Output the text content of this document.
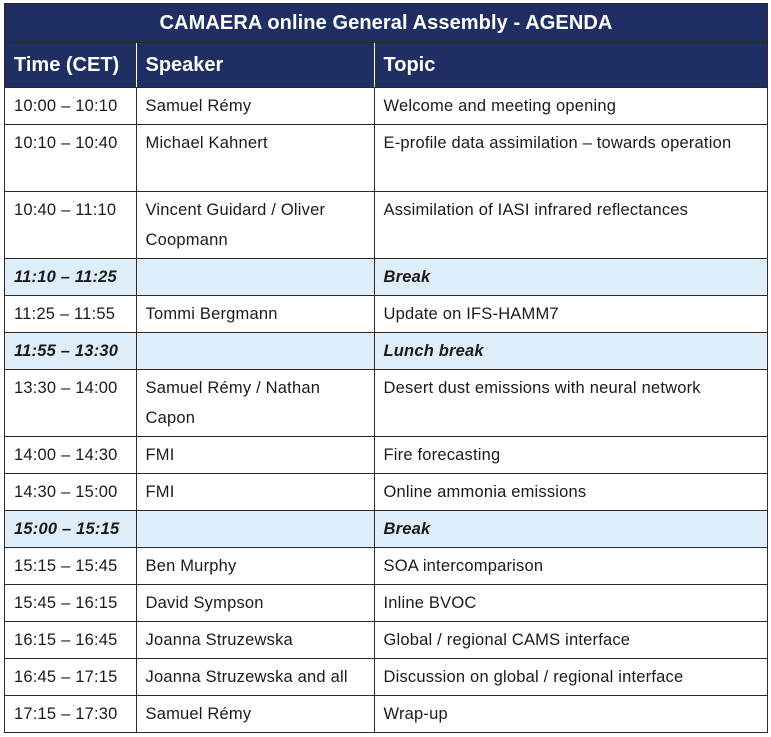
CAMAERA online General Assembly - AGENDA
Time (CET)	Speaker	Topic
10:00 – 10:10	Samuel Rémy	Welcome and meeting opening
10:10 – 10:40	Michael Kahnert	E-profile data assimilation – towards operation
10:40 – 11:10	Vincent Guidard / Oliver Coopmann	Assimilation of IASI infrared reflectances
11:10 – 11:25		Break
11:25 – 11:55	Tommi Bergmann	Update on IFS-HAMM7
11:55 – 13:30		Lunch break
13:30 – 14:00	Samuel Rémy / Nathan Capon	Desert dust emissions with neural network
14:00 – 14:30	FMI	Fire forecasting
14:30 – 15:00	FMI	Online ammonia emissions
15:00 – 15:15		Break
15:15 – 15:45	Ben Murphy	SOA intercomparison
15:45 – 16:15	David Sympson	Inline BVOC
16:15 – 16:45	Joanna Struzewska	Global / regional CAMS interface
16:45 – 17:15	Joanna Struzewska and all	Discussion on global / regional interface
17:15 – 17:30	Samuel Rémy	Wrap-up
